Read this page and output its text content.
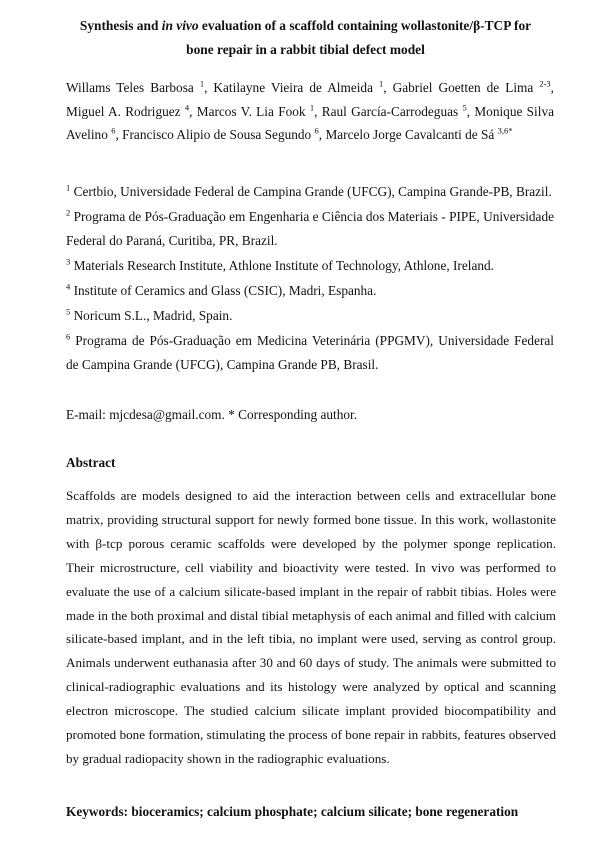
Synthesis and in vivo evaluation of a scaffold containing wollastonite/β-TCP for
bone repair in a rabbit tibial defect model
Willams Teles Barbosa $^1$, Katilayne Vieira de Almeida $^1$, Gabriel Goetten de Lima $^{2-3}$, Miguel A. Rodriguez $^4$, Marcos V. Lia Fook $^1$, Raul García-Carrodeguas $^5$, Monique Silva Avelino $^6$, Francisco Alipio de Sousa Segundo $^6$, Marcelo Jorge Cavalcanti de Sá $^{3,6*}$
$^1$ Certbio, Universidade Federal de Campina Grande (UFCG), Campina Grande-PB, Brazil.
$^2$ Programa de Pós-Graduação em Engenharia e Ciência dos Materiais - PIPE, Universidade Federal do Paraná, Curitiba, PR, Brazil.
$^3$ Materials Research Institute, Athlone Institute of Technology, Athlone, Ireland.
$^4$ Institute of Ceramics and Glass (CSIC), Madri, Espanha.
$^5$ Noricum S.L., Madrid, Spain.
$^6$ Programa de Pós-Graduação em Medicina Veterinária (PPGMV), Universidade Federal de Campina Grande (UFCG), Campina Grande PB, Brasil.
E-mail: mjcdesa@gmail.com. * Corresponding author.
Abstract

Scaffolds are models designed to aid the interaction between cells and extracellular bone matrix, providing structural support for newly formed bone tissue. In this work, wollastonite with β-tcp porous ceramic scaffolds were developed by the polymer sponge replication. Their microstructure, cell viability and bioactivity were tested. In vivo was performed to evaluate the use of a calcium silicate-based implant in the repair of rabbit tibias. Holes were made in the both proximal and distal tibial metaphysis of each animal and filled with calcium silicate-based implant, and in the left tibia, no implant were used, serving as control group. Animals underwent euthanasia after 30 and 60 days of study. The animals were submitted to clinical-radiographic evaluations and its histology were analyzed by optical and scanning electron microscope. The studied calcium silicate implant provided biocompatibility and promoted bone formation, stimulating the process of bone repair in rabbits, features observed by gradual radiopacity shown in the radiographic evaluations.

Keywords: bioceramics; calcium phosphate; calcium silicate; bone regeneration
